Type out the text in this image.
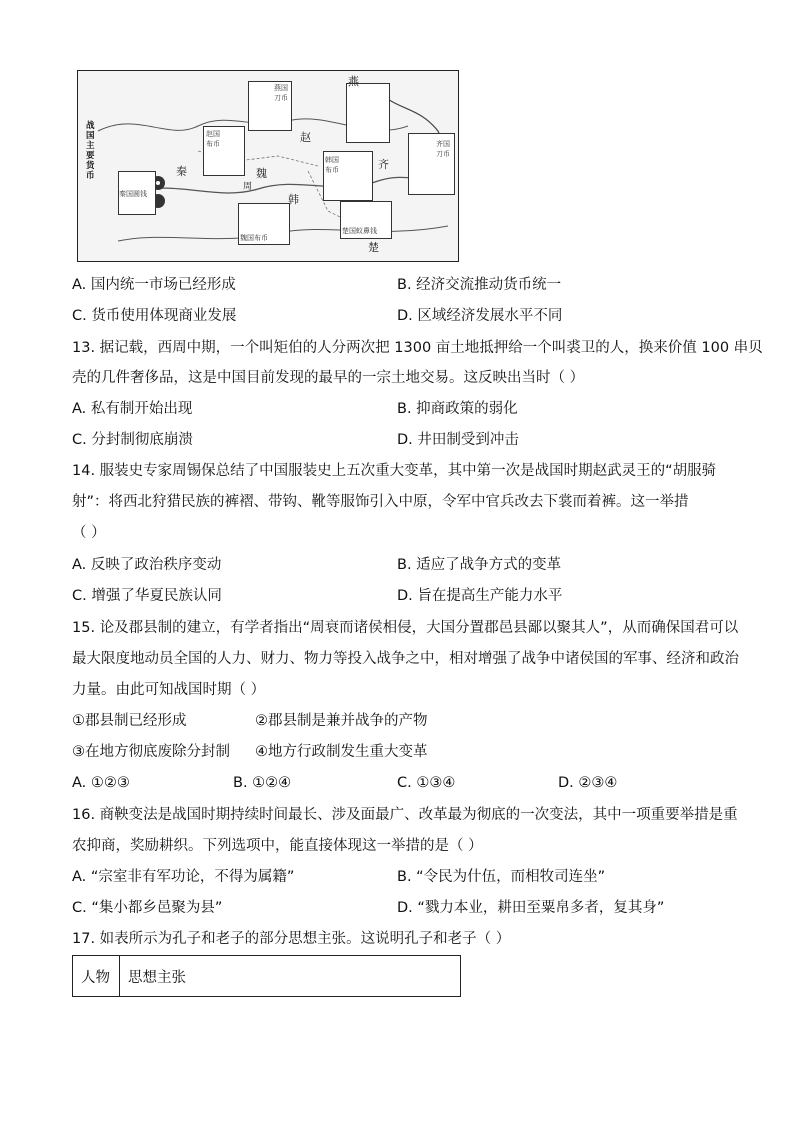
燕
赵
齐
秦
韩
楚
魏
周
战国主要货币
秦国圆钱
燕国刀币
赵国布币	齐国刀币
楚国蚁鼻钱
魏国布币
韩国布币
A. 国内统一市场已经形成	B. 经济交流推动货币统一
C. 货币使用体现商业发展	D. 区域经济发展水平不同
13. 据记载，西周中期，一个叫矩伯的人分两次把 1300 亩土地抵押给一个叫裘卫的人，换来价值 100 串贝
壳的几件奢侈品，这是中国目前发现的最早的一宗土地交易。这反映出当时（ ）
A. 私有制开始出现	B. 抑商政策的弱化
C. 分封制彻底崩溃	D. 井田制受到冲击
14. 服装史专家周锡保总结了中国服装史上五次重大变革，其中第一次是战国时期赵武灵王的“胡服骑
射”：将西北狩猎民族的裤褶、带钩、靴等服饰引入中原，令军中官兵改去下裳而着裤。这一举措
（ ）
A. 反映了政治秩序变动	B. 适应了战争方式的变革
C. 增强了华夏民族认同	D. 旨在提高生产能力水平
15. 论及郡县制的建立，有学者指出“周衰而诸侯相侵，大国分置郡邑县鄙以聚其人”，从而确保国君可以
最大限度地动员全国的人力、财力、物力等投入战争之中，相对增强了战争中诸侯国的军事、经济和政治
力量。由此可知战国时期（ ）
①郡县制已经形成	②郡县制是兼并战争的产物
③在地方彻底废除分封制 ④地方行政制发生重大变革
A. ①②③	B. ①②④	C. ①③④	D. ②③④
16. 商鞅变法是战国时期持续时间最长、涉及面最广、改革最为彻底的一次变法，其中一项重要举措是重
农抑商，奖励耕织。下列选项中，能直接体现这一举措的是（ ）
A. “宗室非有军功论，不得为属籍”	B. “令民为什伍，而相牧司连坐”
C. “集小都乡邑聚为县”	D. “戮力本业，耕田至粟帛多者，复其身”
17. 如表所示为孔子和老子的部分思想主张。这说明孔子和老子（ ）
人物	思想主张
